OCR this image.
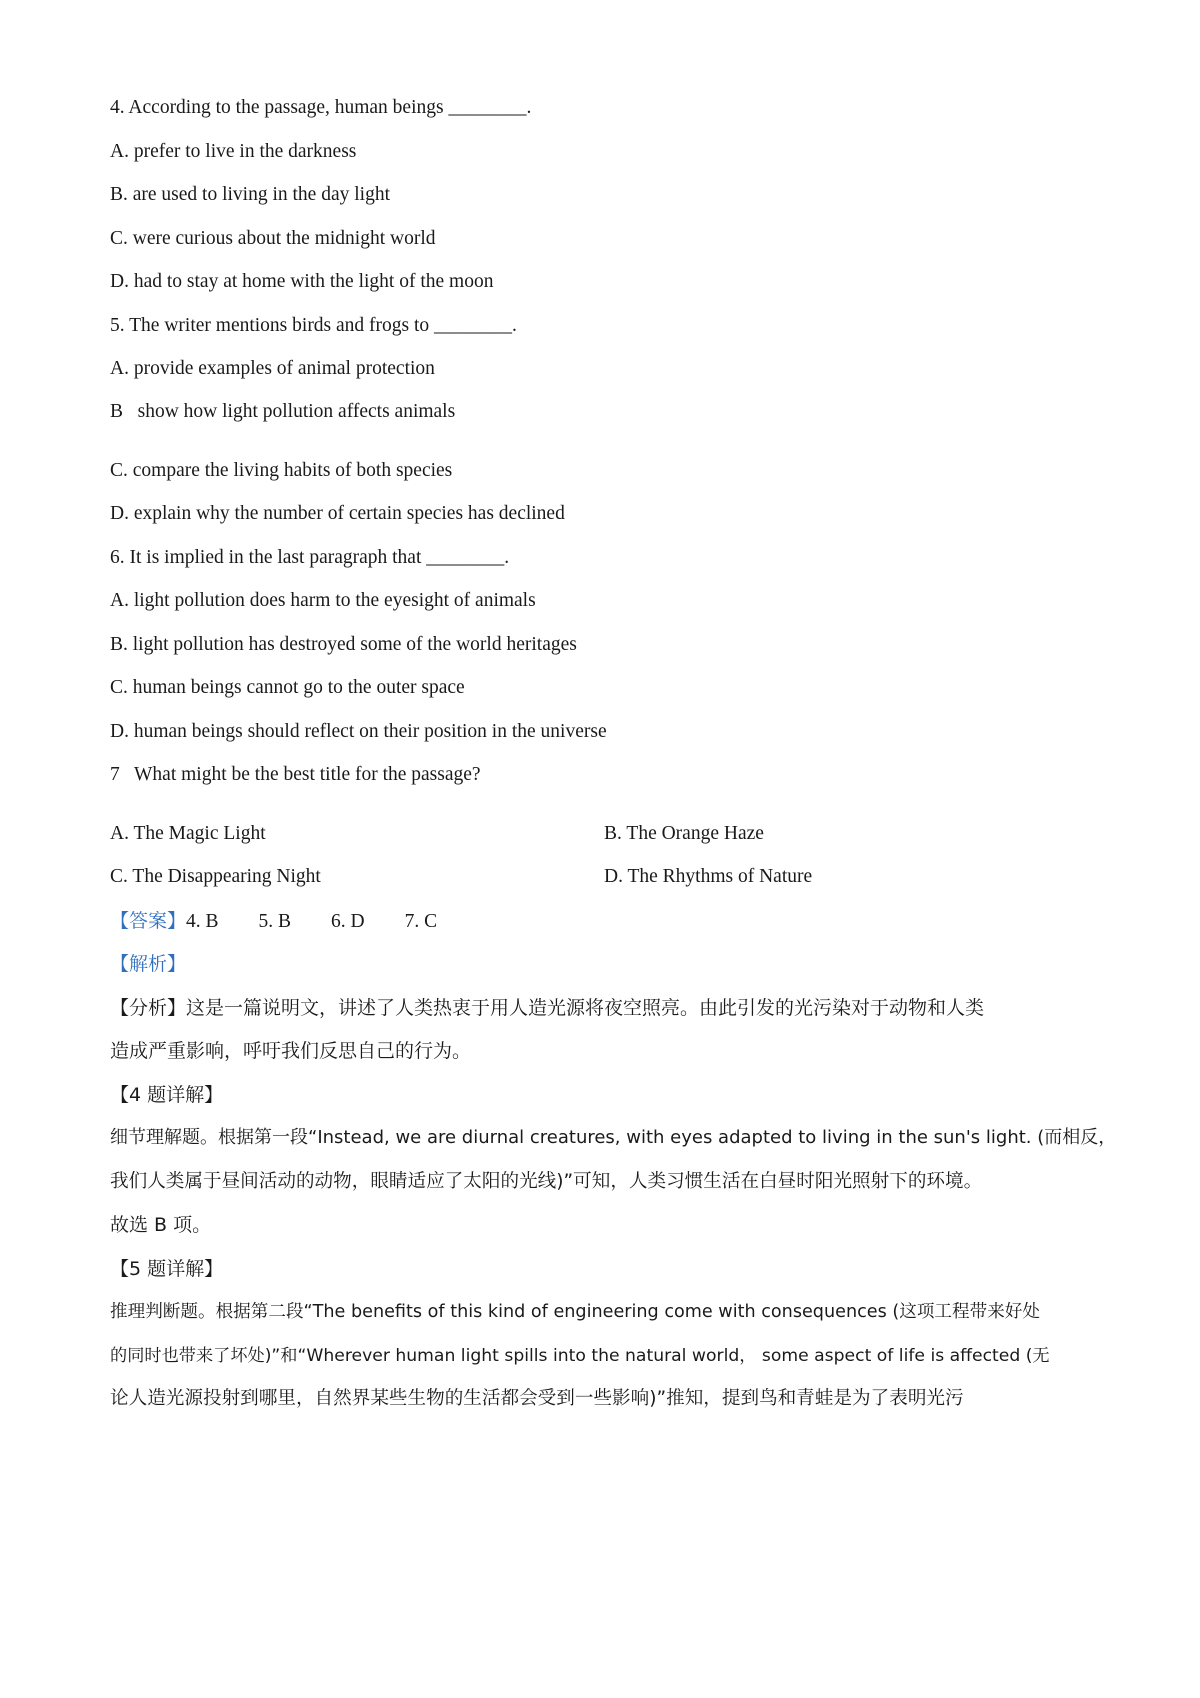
4. According to the passage, human beings ________.
A. prefer to live in the darkness
B. are used to living in the day light
C. were curious about the midnight world
D. had to stay at home with the light of the moon
5. The writer mentions birds and frogs to ________.
A. provide examples of animal protection
B   show how light pollution affects animals
C. compare the living habits of both species
D. explain why the number of certain species has declined
6. It is implied in the last paragraph that ________.
A. light pollution does harm to the eyesight of animals
B. light pollution has destroyed some of the world heritages
C. human beings cannot go to the outer space
D. human beings should reflect on their position in the universe
7   What might be the best title for the passage?
A. The Magic Light	B. The Orange Haze
C. The Disappearing Night	D. The Rhythms of Nature
【答案】4. B 5. B 6. D 7. C
【解析】
【分析】这是一篇说明文，讲述了人类热衷于用人造光源将夜空照亮。由此引发的光污染对于动物和人类
造成严重影响，呼吁我们反思自己的行为。
【4 题详解】
细节理解题。根据第一段“Instead, we are diurnal creatures, with eyes adapted to living in the sun's light. (而相反，
我们人类属于昼间活动的动物，眼睛适应了太阳的光线)”可知，人类习惯生活在白昼时阳光照射下的环境。
故选 B 项。
【5 题详解】
推理判断题。根据第二段“The benefits of this kind of engineering come with consequences (这项工程带来好处
的同时也带来了坏处)”和“Wherever human light spills into the natural world， some aspect of life is affected (无
论人造光源投射到哪里，自然界某些生物的生活都会受到一些影响)”推知，提到鸟和青蛙是为了表明光污
